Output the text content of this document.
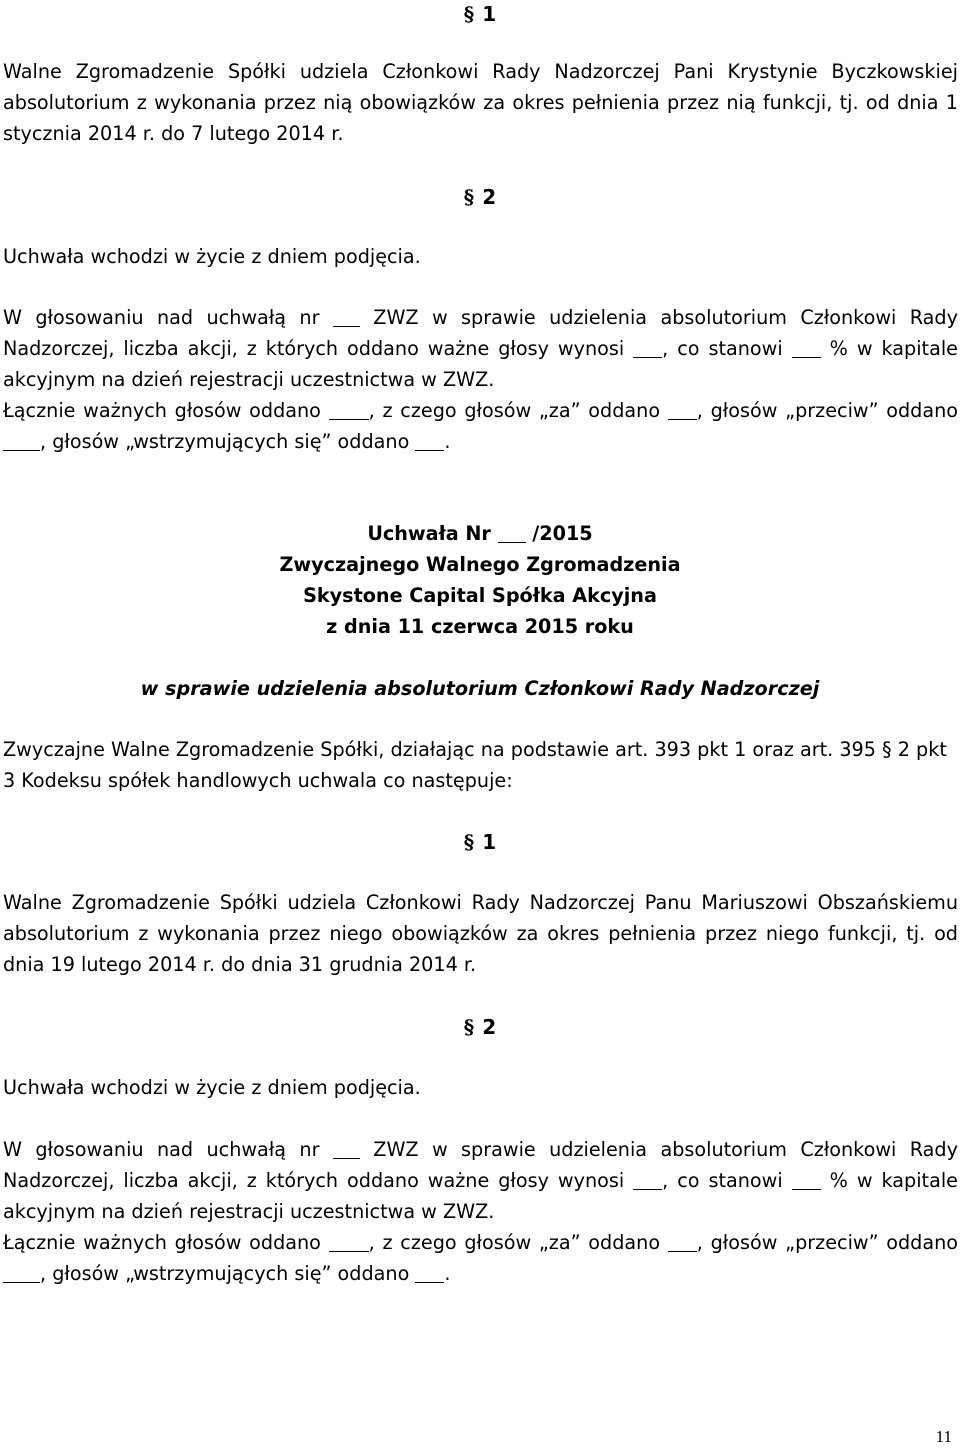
§ 1

Walne Zgromadzenie Spółki udziela Członkowi Rady Nadzorczej Pani Krystynie Byczkowskiej absolutorium z wykonania przez nią obowiązków za okres pełnienia przez nią funkcji, tj. od dnia 1 stycznia 2014 r. do 7 lutego 2014 r.

§ 2

Uchwała wchodzi w życie z dniem podjęcia.

W głosowaniu nad uchwałą nr	ZWZ w sprawie udzielenia absolutorium Członkowi Rady Nadzorczej, liczba akcji, z których oddano ważne głosy wynosi , co stanowi % w kapitale akcyjnym na dzień rejestracji uczestnictwa w ZWZ.

Łącznie ważnych głosów oddano , z czego głosów „za” oddano , głosów „przeciw” oddano , głosów „wstrzymujących się” oddano .

Uchwała Nr /2015
Zwyczajnego Walnego Zgromadzenia
Skystone Capital Spółka Akcyjna
z dnia 11 czerwca 2015 roku
w sprawie udzielenia absolutorium Członkowi Rady Nadzorczej

Zwyczajne Walne Zgromadzenie Spółki, działając na podstawie art. 393 pkt 1 oraz art. 395 § 2 pkt 3 Kodeksu spółek handlowych uchwala co następuje:

§ 1

Walne Zgromadzenie Spółki udziela Członkowi Rady Nadzorczej Panu Mariuszowi Obszańskiemu absolutorium z wykonania przez niego obowiązków za okres pełnienia przez niego funkcji, tj. od dnia 19 lutego 2014 r. do dnia 31 grudnia 2014 r.

§ 2

Uchwała wchodzi w życie z dniem podjęcia.

W głosowaniu nad uchwałą nr	ZWZ w sprawie udzielenia absolutorium Członkowi Rady Nadzorczej, liczba akcji, z których oddano ważne głosy wynosi , co stanowi % w kapitale akcyjnym na dzień rejestracji uczestnictwa w ZWZ.

Łącznie ważnych głosów oddano , z czego głosów „za” oddano , głosów „przeciw” oddano , głosów „wstrzymujących się” oddano .

11
